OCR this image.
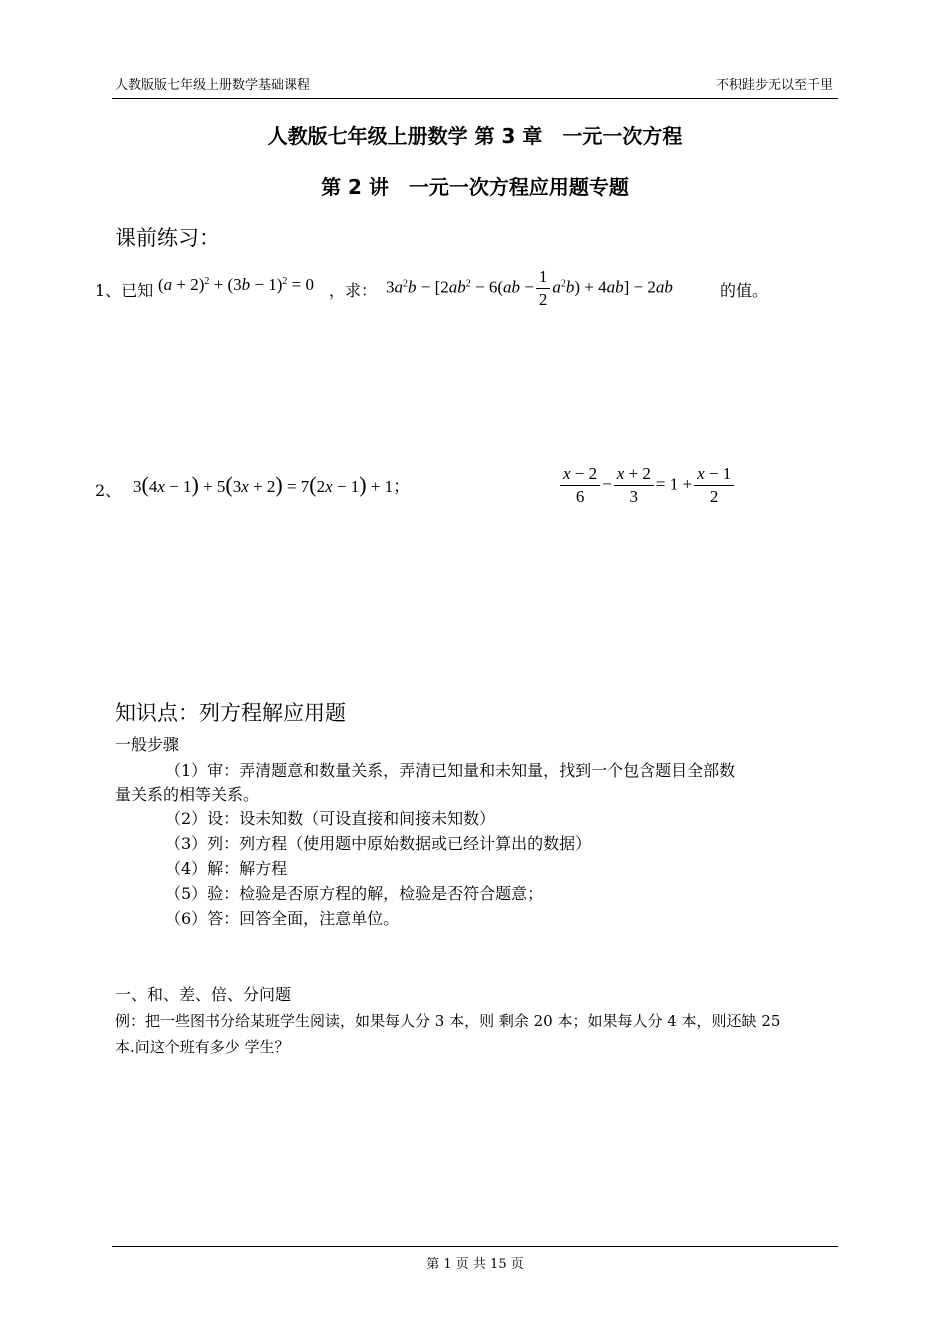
人教版版七年级上册数学基础课程	不积跬步无以至千里
人教版七年级上册数学 第 3 章　一元一次方程
第 2 讲　一元一次方程应用题专题
课前练习：
1、已知 $(a + 2)^2 + (3b - 1)^2 = 0$ ，求： $3a^2b - [2ab^2 - 6(ab - \frac{1}{2} a^2b) + 4ab] - 2ab$	的值。
2、 3(4x − 1) + 5(3x + 2) = 7(2x − 1) + 1；	$\frac{x - 2}{6} - \frac{x + 2}{3} = 1 + \frac{x - 1}{2}$
知识点：列方程解应用题
一般步骤
（1）审：弄清题意和数量关系，弄清已知量和未知量，找到一个包含题目全部数
量关系的相等关系。
（2）设：设未知数（可设直接和间接未知数）
（3）列：列方程（使用题中原始数据或已经计算出的数据）
（4）解：解方程
（5）验：检验是否原方程的解，检验是否符合题意；
（6）答：回答全面，注意单位。
一、和、差、倍、分问题
例：把一些图书分给某班学生阅读，如果每人分 3 本，则 剩余 20 本；如果每人分 4 本，则还缺 25
本.问这个班有多少 学生？
第 1 页 共 15 页
